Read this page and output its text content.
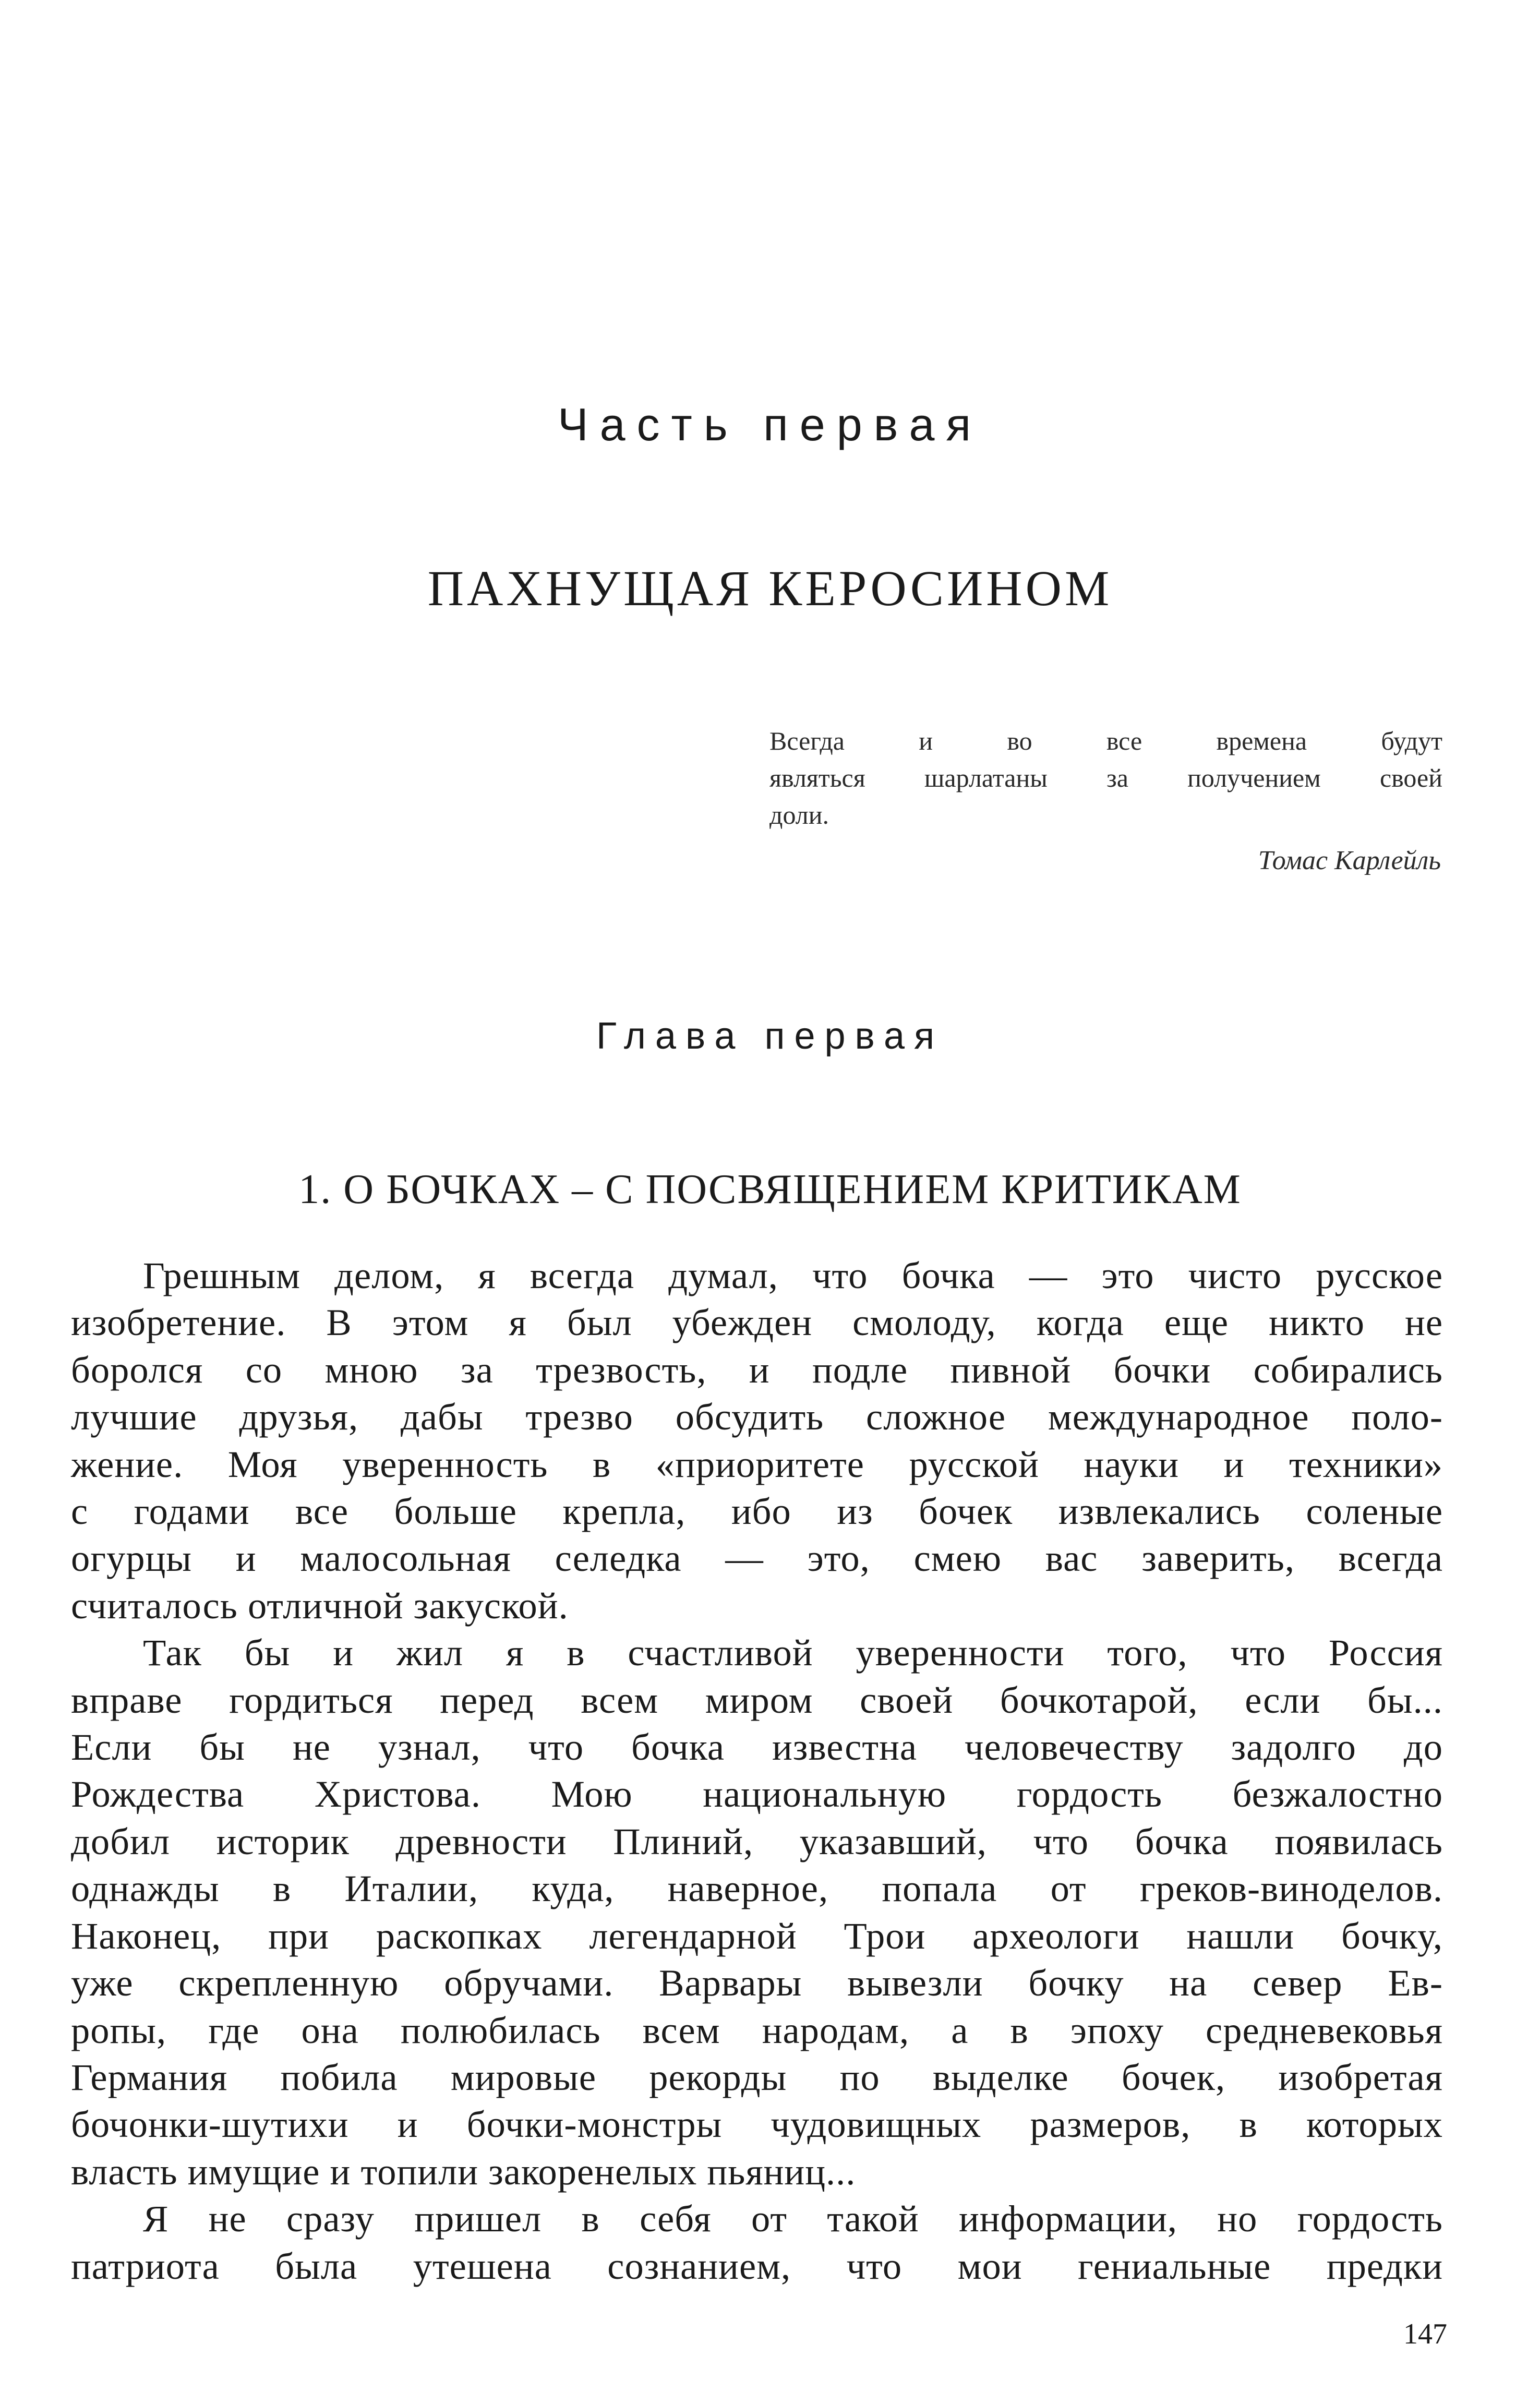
Часть первая
ПАХНУЩАЯ КЕРОСИНОМ
Всегда и во все времена будут
являться шарлатаны за получением своей
доли.
Томас Карлейль
Глава первая
1. О БОЧКАХ – С ПОСВЯЩЕНИЕМ КРИТИКАМ
Грешным делом, я всегда думал, что бочка — это чисто русское
изобретение. В этом я был убежден смолоду, когда еще никто не
боролся со мною за трезвость, и подле пивной бочки собирались
лучшие друзья, дабы трезво обсудить сложное международное поло-
жение. Моя уверенность в «приоритете русской науки и техники»
с годами все больше крепла, ибо из бочек извлекались соленые
огурцы и малосольная селедка — это, смею вас заверить, всегда
считалось отличной закуской.
Так бы и жил я в счастливой уверенности того, что Россия
вправе гордиться перед всем миром своей бочкотарой, если бы...
Если бы не узнал, что бочка известна человечеству задолго до
Рождества Христова. Мою национальную гордость безжалостно
добил историк древности Плиний, указавший, что бочка появилась
однажды в Италии, куда, наверное, попала от греков-виноделов.
Наконец, при раскопках легендарной Трои археологи нашли бочку,
уже скрепленную обручами. Варвары вывезли бочку на север Ев-
ропы, где она полюбилась всем народам, а в эпоху средневековья
Германия побила мировые рекорды по выделке бочек, изобретая
бочонки-шутихи и бочки-монстры чудовищных размеров, в которых
власть имущие и топили закоренелых пьяниц...
Я не сразу пришел в себя от такой информации, но гордость
патриота была утешена сознанием, что мои гениальные предки
147
